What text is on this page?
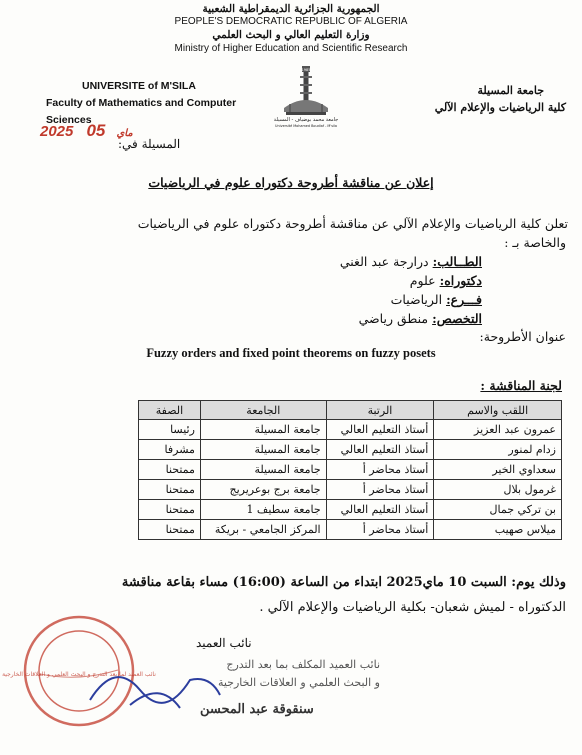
الجمهورية الجزائرية الديمقراطية الشعبية
PEOPLE'S DEMOCRATIC REPUBLIC OF ALGERIA
وزارة التعليم العالي و البحث العلمي
Ministry of Higher Education and Scientific Research
UNIVERSITE of M'SILA
Faculty of Mathematics and Computer Sciences
1985
جامعة محمد بوضياف - المسيلة
Université Mohamed Boudiaf - M'sila
جامعة المسيلة
كلية الرياضيات والإعلام الآلي
2025	ماي 05
المسيلة في:
إعلان عن مناقشة أطروحة دكتوراه علوم في الرياضيات
تعلن كلية الرياضيات والإعلام الآلي عن مناقشة أطروحة دكتوراه علوم في الرياضيات
والخاصة بـ :
الطــالب: درارجة عبد الغني
دكتوراه: علوم
فـــرع: الرياضيات
التخصص: منطق رياضي
عنوان الأطروحة:
Fuzzy orders and fixed point theorems on fuzzy posets
لجنة المناقشة :
اللقب والاسم	الرتبة	الجامعة	الصفة
عمرون عبد العزيز	أستاذ التعليم العالي	جامعة المسيلة	رئيسا
زدام لمنور	أستاذ التعليم العالي	جامعة المسيلة	مشرفا
سعداوي الخير	أستاذ محاضر أ	جامعة المسيلة	ممتحنا
غرمول بلال	أستاذ محاضر أ	جامعة برج بوعريريج	ممتحنا
بن تركي جمال	أستاذ التعليم العالي	جامعة سطيف 1	ممتحنا
ميلاس صهيب	أستاذ محاضر أ	المركز الجامعي - بريكة	ممتحنا
وذلك يوم: السبت 10 ماي2025 ابتداء من الساعة (16:00) مساء بقاعة مناقشة
الدكتوراه - لميش شعبان- بكلية الرياضيات والإعلام الآلي .
نائب العميد لما بعد التدرج و البحث العلمي و العلاقات الخارجية
نائب العميد
نائب العميد المكلف بما بعد التدرج
و البحث العلمي و العلاقات الخارجية
سنقوقة عبد المحسن
